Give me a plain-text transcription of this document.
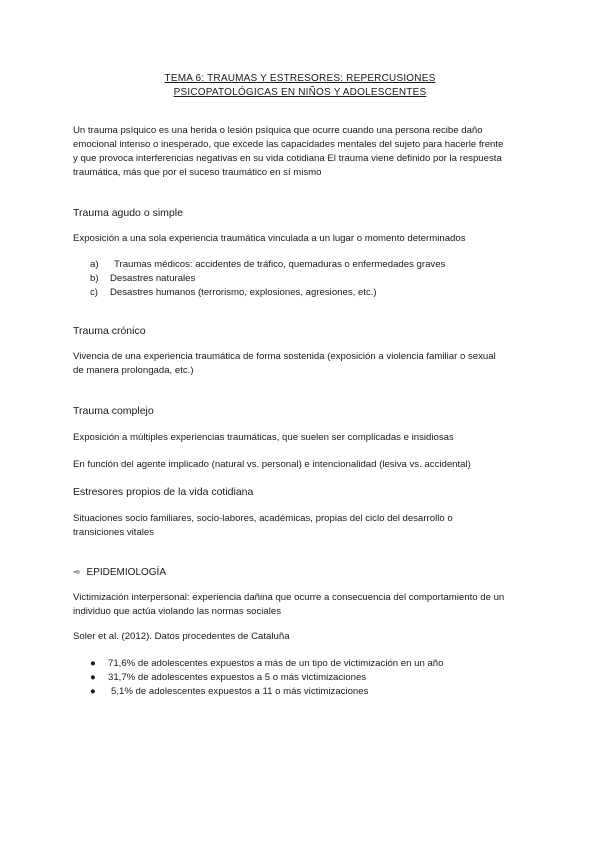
TEMA 6: TRAUMAS Y ESTRESORES: REPERCUSIONES
PSICOPATOLÓGICAS EN NIÑOS Y ADOLESCENTES
Un trauma psíquico es una herida o lesión psíquica que ocurre cuando una persona recibe daño
emocional intenso o inesperado, que excede las capacidades mentales del sujeto para hacerle frente
y que provoca interferencias negativas en su vida cotidiana El trauma viene definido por la respuesta
traumática, más que por el suceso traumático en sí mismo
Trauma agudo o simple
Exposición a una sola experiencia traumática vinculada a un lugar o momento determinados
a)	Traumas médicos: accidentes de tráfico, quemaduras o enfermedades graves
b)	Desastres naturales
c)	Desastres humanos (terrorismo, explosiones, agresiones, etc.)
Trauma crónico
Vivencia de una experiencia traumática de forma sostenida (exposición a violencia familiar o sexual
de manera prolongada, etc.)
Trauma complejo
Exposición a múltiples experiencias traumáticas, que suelen ser complicadas e insidiosas
En función del agente implicado (natural vs. personal) e intencionalidad (lesiva vs. accidental)
Estresores propios de la vida cotidiana
Situaciones socio familiares, socio-labores, académicas, propias del ciclo del desarrollo o
transiciones vitales
➾ EPIDEMIOLOGÍA
Victimización interpersonal: experiencia dañina que ocurre a consecuencia del comportamiento de un
individuo que actúa violando las normas sociales
Soler et al. (2012). Datos procedentes de Cataluña
●	71,6% de adolescentes expuestos a más de un tipo de victimización en un año
●	31,7% de adolescentes expuestos a 5 o más victimizaciones
●	5,1% de adolescentes expuestos a 11 o más victimizaciones
